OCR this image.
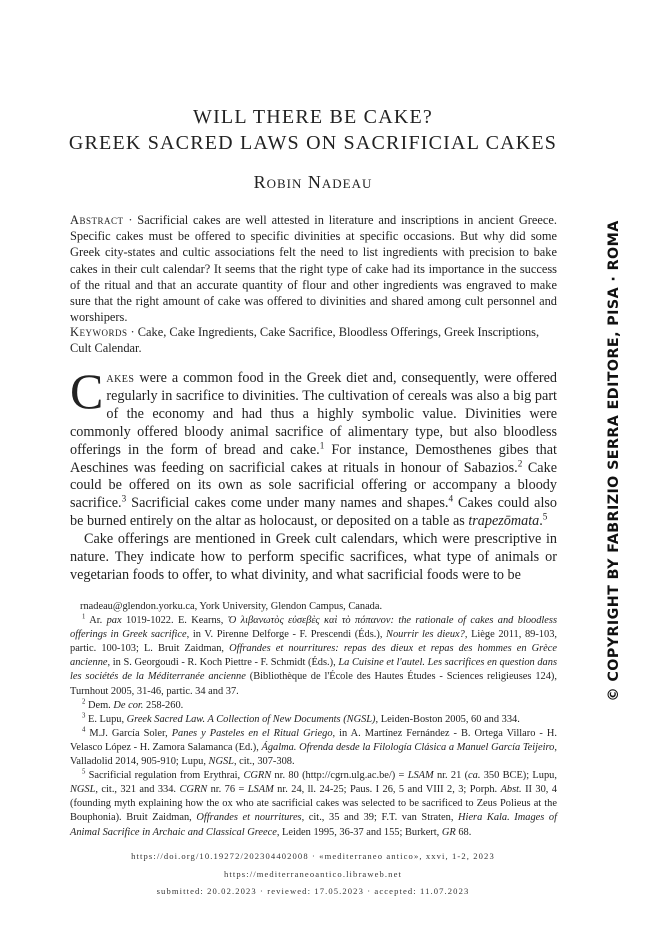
WILL THERE BE CAKE?
GREEK SACRED LAWS ON SACRIFICIAL CAKES
Robin Nadeau
Abstract · Sacrificial cakes are well attested in literature and inscriptions in ancient Greece. Specific cakes must be offered to specific divinities at specific occasions. But why did some Greek city-states and cultic associations felt the need to list ingredients with precision to bake cakes in their cult calendar? It seems that the right type of cake had its importance in the success of the ritual and that an accurate quantity of flour and other ingredients was engraved to make sure that the right amount of cake was offered to divinities and shared among cult personnel and worshipers.
Keywords · Cake, Cake Ingredients, Cake Sacrifice, Bloodless Offerings, Greek Inscriptions, Cult Calendar.

Cakes were a common food in the Greek diet and, consequently, were offered regularly in sacrifice to divinities. The cultivation of cereals was also a big part of the economy and had thus a highly symbolic value. Divinities were commonly offered bloody animal sacrifice of alimentary type, but also bloodless offerings in the form of bread and cake.$^1$ For instance, Demosthenes gibes that Aeschines was feeding on sacrificial cakes at rituals in honour of Sabazios.$^2$ Cake could be offered on its own as sole sacrificial offering or accompany a bloody sacrifice.$^3$ Sacrificial cakes come under many names and shapes.$^4$ Cakes could also be burned entirely on the altar as holocaust, or deposited on a table as trapezōmata.$^5$

Cake offerings are mentioned in Greek cult calendars, which were prescriptive in nature. They indicate how to perform specific sacrifices, what type of animals or vegetarian foods to offer, to what divinity, and what sacrificial foods were to be

rnadeau@glendon.yorku.ca, York University, Glendon Campus, Canada.

$^1$ Ar. pax 1019-1022. E. Kearns, Ὁ λιβανωτὸς εὐσεβὲς καὶ τὸ πόπανον: the rationale of cakes and bloodless offerings in Greek sacrifice, in V. Pirenne Delforge - F. Prescendi (Éds.), Nourrir les dieux?, Liège 2011, 89-103, partic. 100-103; L. Bruit Zaidman, Offrandes et nourritures: repas des dieux et repas des hommes en Grèce ancienne, in S. Georgoudi - R. Koch Piettre - F. Schmidt (Éds.), La Cuisine et l'autel. Les sacrifices en question dans les sociétés de la Méditerranée ancienne (Bibliothèque de l'École des Hautes Études - Sciences religieuses 124), Turnhout 2005, 31-46, partic. 34 and 37.

$^2$ Dem. De cor. 258-260.

$^3$ E. Lupu, Greek Sacred Law. A Collection of New Documents (NGSL), Leiden-Boston 2005, 60 and 334.

$^4$ M.J. García Soler, Panes y Pasteles en el Ritual Griego, in A. Martínez Fernández - B. Ortega Villaro - H. Velasco López - H. Zamora Salamanca (Ed.), Ágalma. Ofrenda desde la Filología Clásica a Manuel García Teijeiro, Valladolid 2014, 905-910; Lupu, NGSL, cit., 307-308.

$^5$ Sacrificial regulation from Erythrai, CGRN nr. 80 (http://cgrn.ulg.ac.be/) = LSAM nr. 21 (ca. 350 BCE); Lupu, NGSL, cit., 321 and 334. CGRN nr. 76 = LSAM nr. 24, ll. 24-25; Paus. I 26, 5 and VIII 2, 3; Porph. Abst. II 30, 4 (founding myth explaining how the ox who ate sacrificial cakes was selected to be sacrificed to Zeus Polieus at the Bouphonia). Bruit Zaidman, Offrandes et nourritures, cit., 35 and 39; F.T. van Straten, Hiera Kala. Images of Animal Sacrifice in Archaic and Classical Greece, Leiden 1995, 36-37 and 155; Burkert, GR 68.

https://doi.org/10.19272/202304402008 · «mediterraneo antico», xxvi, 1-2, 2023
https://mediterraneoantico.libraweb.net
submitted: 20.02.2023 · reviewed: 17.05.2023 · accepted: 11.07.2023
© COPYRIGHT BY FABRIZIO SERRA EDITORE, PISA · ROMA
